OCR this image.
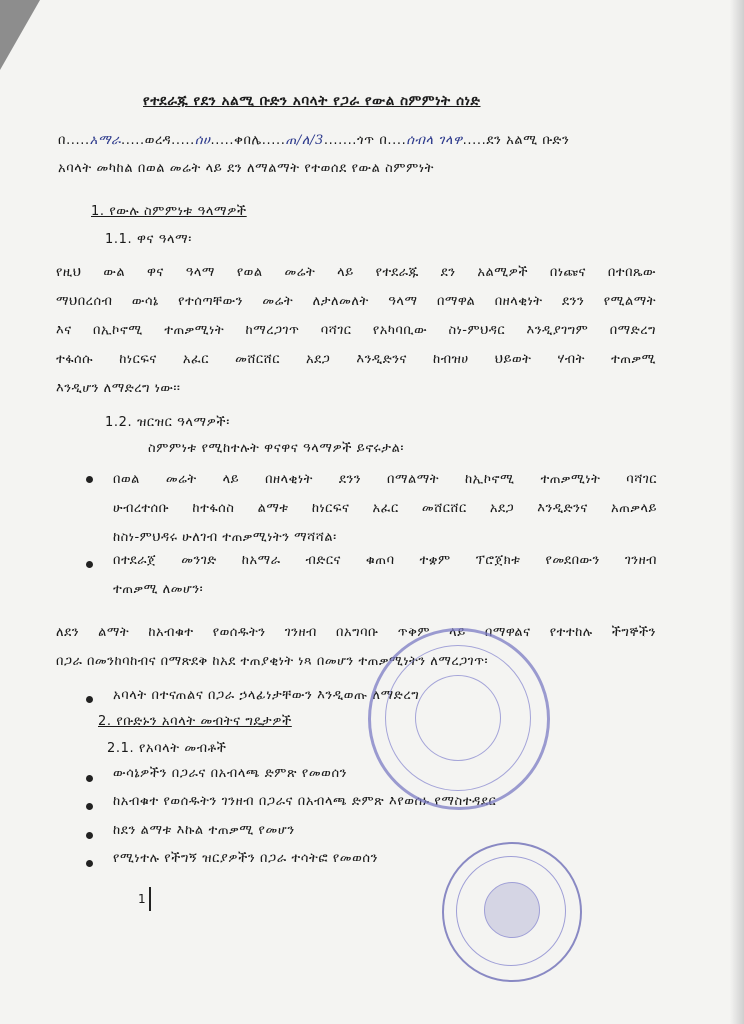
የተደራጁ የደን አልሚ ቡድን አባላት የጋራ የውል ስምምነት ሰነድ
በ.....አማራ.....ወረዳ.....ሰሀ.....ቀበሌ.....ጠ/ለ/3.......ጎጥ በ....ሰብላ ገላዋ.....ደን አልሚ ቡድን
አባላት መካከል በወል መሬት ላይ ደን ለማልማት የተወሰደ የውል ስምምነት
1. የውሉ ስምምነቱ ዓላማዎች
1.1. ዋና ዓላማ፡
የዚህ ውል ዋና ዓላማ የወል መሬት ላይ የተደራጁ ደን አልሚዎች በነጩና በተበጼው
ማህበረሰብ ውሳኔ የተሰጣቸውን መሬት ለታለመለት ዓላማ በማዋል በዘላቂነት ደንን የሚልማት
እና በኢኮኖሚ ተጠቃሚነት ከማረጋገጥ ባሻገር የአካባቢው ስነ-ምህዳር እንዲያገግም በማድረግ
ተፋሰሱ ከነርፍና አፈር መሸርሸር አደጋ እንዲድንና ከብዝሀ ህይወት ሃብት ተጠቃሚ
እንዲሆን ለማድረግ ነው፡፡
1.2. ዝርዝር ዓላማዎች፡
ስምምነቱ የሚከተሉት ዋናዋና ዓላማዎች ይኖሩታል፡
በወል መሬት ላይ በዘላቂነት ደንን በማልማት ከኢኮኖሚ ተጠቃሚነት ባሻገር
ሁብረተሰቡ ከተፋሰስ ልማቱ ከነርፍና አፈር መሸርሸር አደጋ እንዲድንና አጠቃላይ
ከስነ-ምህዳሩ ሁለገብ ተጠቃሚነትን ማሻሻል፡
በተደራጀ መንገድ ከአማራ ብድርና ቁጠባ ተቋም ፕሮጀክቱ የመደበውን ገንዘብ
ተጠቃሚ ለመሆን፡
ለደን ልማት ከአብቁተ የወሰዱትን ገንዘብ በአግባቡ ጥቅም ላይ በማዋልና የተተከሉ ችግኞችን
በጋራ በመንከባከብና በማጽደቅ ከአደ ተጠያቂነት ነጻ በመሆን ተጠቃሚነትን ለማረጋገጥ፡
አባላት በተናጠልና በጋራ ኃላፊነታቸውን እንዲወጡ ለማድረግ
2. የቡድኑን አባላት መብትና ግዴታዎች
2.1. የአባላት መብቶች
ውሳኔዎችን በጋራና በአብላጫ ድምጽ የመወሰን
ከአብቁተ የወሰዱትን ገንዘብ በጋራና በአብላጫ ድምጽ እየወሰኑ የማስተዳደር
ከደን ልማቱ እኩል ተጠቃሚ የመሆን
የሚነተሉ የችግኝ ዝርያዎችን በጋራ ተሳትፎ የመወሰን
1
